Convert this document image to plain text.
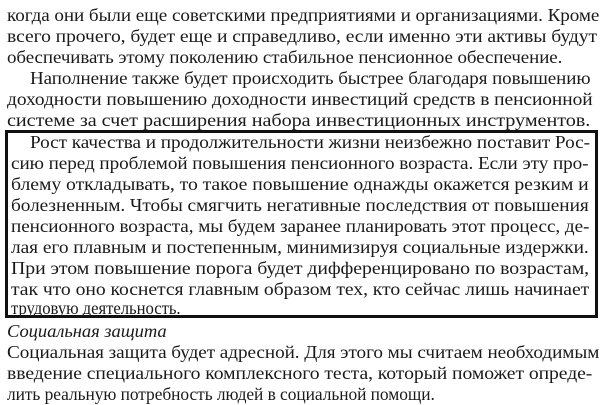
когда они были еще советскими предприятиями и организациями. Кроме
всего прочего, будет еще и справедливо, если именно эти активы будут
обеспечивать этому поколению стабильное пенсионное обеспечение.
Наполнение также будет происходить быстрее благодаря повышению
доходности повышению доходности инвестиций средств в пенсионной
системе за счет расширения набора инвестиционных инструментов.
Рост качества и продолжительности жизни неизбежно поставит Рос-
сию перед проблемой повышения пенсионного возраста. Если эту про-
блему откладывать, то такое повышение однажды окажется резким и
болезненным. Чтобы смягчить негативные последствия от повышения
пенсионного возраста, мы будем заранее планировать этот процесс, де-
лая его плавным и постепенным, минимизируя социальные издержки.
При этом повышение порога будет дифференцировано по возрастам,
так что оно коснется главным образом тех, кто сейчас лишь начинает
трудовую деятельность.
Социальная защита
Социальная защита будет адресной. Для этого мы считаем необходимым
введение специального комплексного теста, который поможет опреде-
лить реальную потребность людей в социальной помощи.
